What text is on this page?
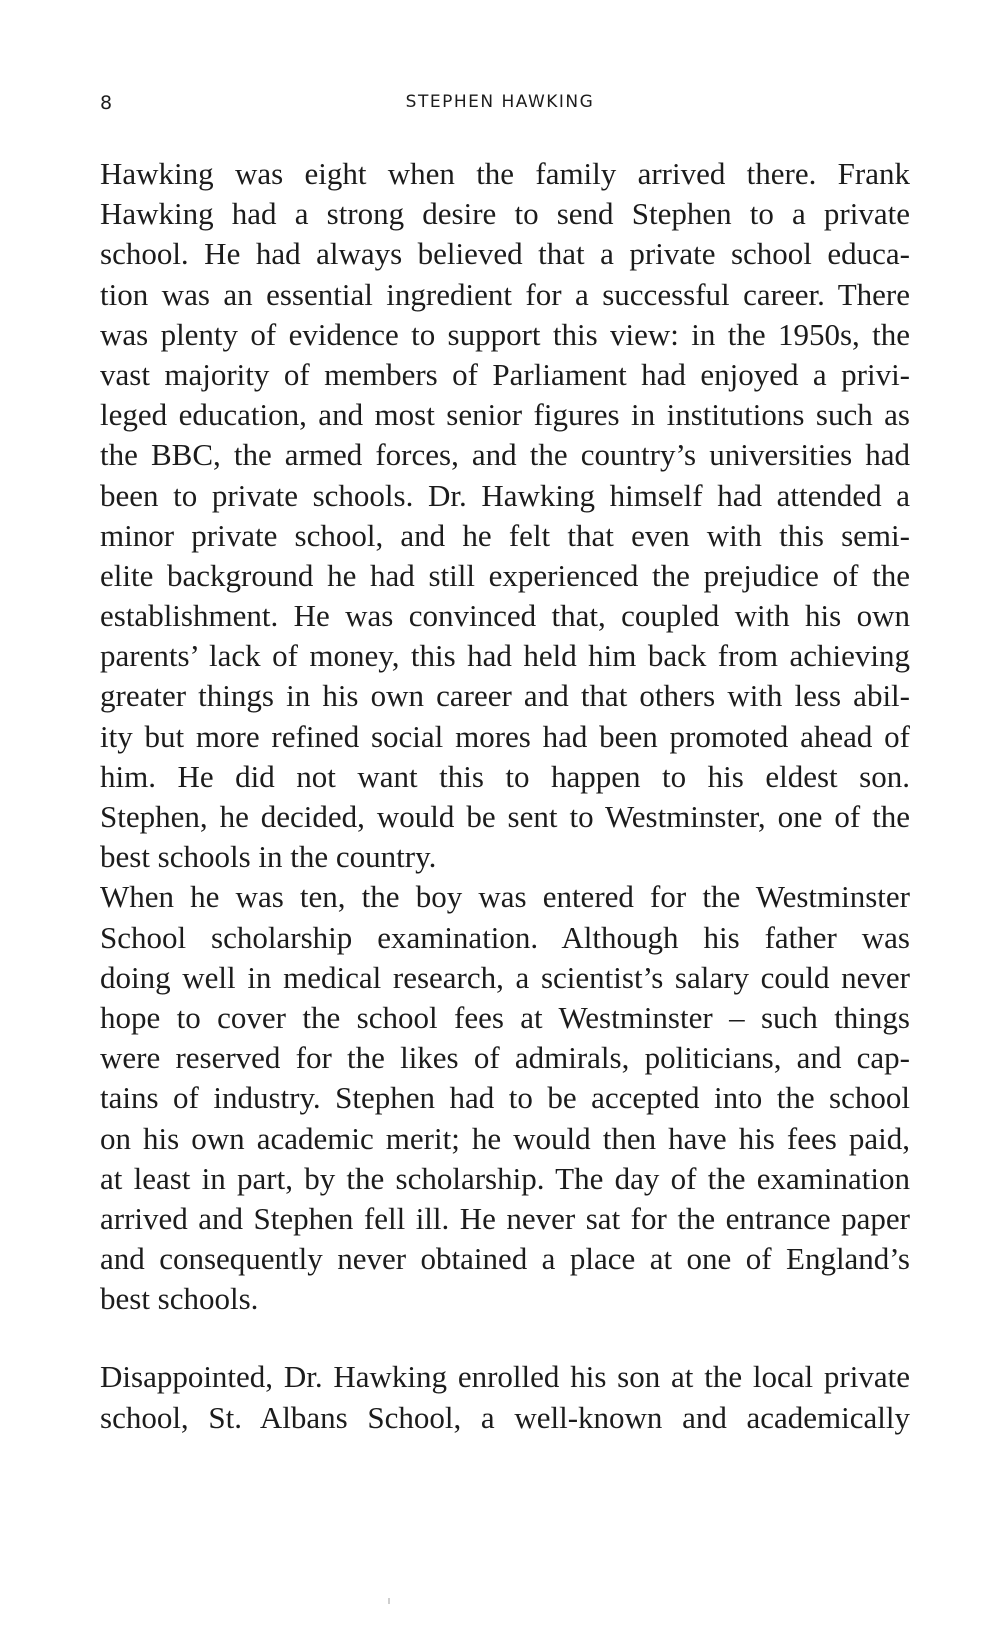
8	STEPHEN HAWKING
Hawking was eight when the family arrived there. Frank
Hawking had a strong desire to send Stephen to a private
school. He had always believed that a private school educa-
tion was an essential ingredient for a successful career. There
was plenty of evidence to support this view: in the 1950s, the
vast majority of members of Parliament had enjoyed a privi-
leged education, and most senior figures in institutions such as
the BBC, the armed forces, and the country’s universities had
been to private schools. Dr. Hawking himself had attended a
minor private school, and he felt that even with this semi-
elite background he had still experienced the prejudice of the
establishment. He was convinced that, coupled with his own
parents’ lack of money, this had held him back from achieving
greater things in his own career and that others with less abil-
ity but more refined social mores had been promoted ahead of
him. He did not want this to happen to his eldest son.
Stephen, he decided, would be sent to Westminster, one of the
best schools in the country.
When he was ten, the boy was entered for the Westminster
School scholarship examination. Although his father was
doing well in medical research, a scientist’s salary could never
hope to cover the school fees at Westminster – such things
were reserved for the likes of admirals, politicians, and cap-
tains of industry. Stephen had to be accepted into the school
on his own academic merit; he would then have his fees paid,
at least in part, by the scholarship. The day of the examination
arrived and Stephen fell ill. He never sat for the entrance paper
and consequently never obtained a place at one of England’s
best schools.
Disappointed, Dr. Hawking enrolled his son at the local private
school, St. Albans School, a well-known and academically
